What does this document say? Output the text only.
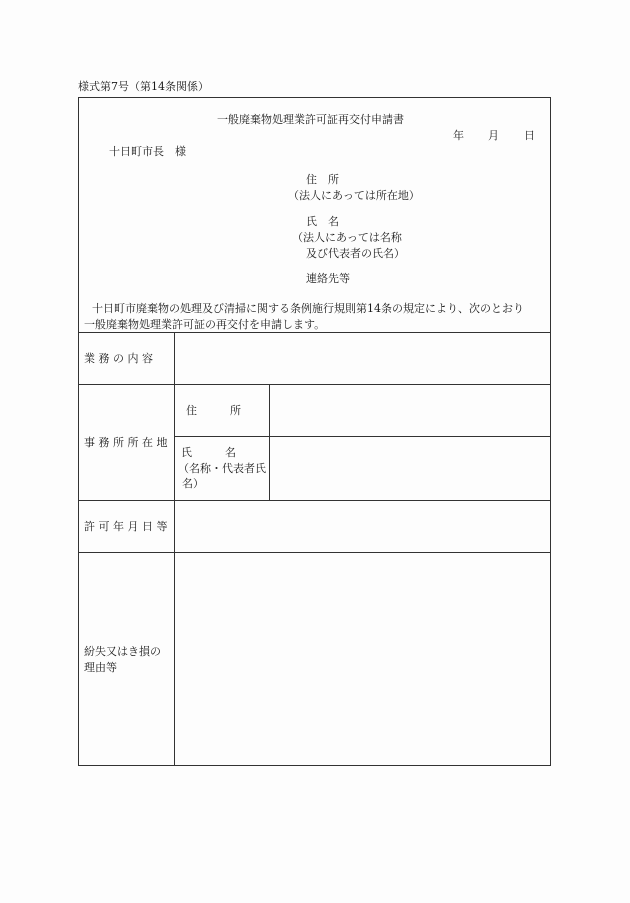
様式第7号（第14条関係）
一般廃棄物処理業許可証再交付申請書
年 月 日
十日町市長　様
住　所
（法人にあっては所在地）
氏　名
（法人にあっては名称
及び代表者の氏名）
連絡先等
十日町市廃棄物の処理及び清掃に関する条例施行規則第14条の規定により、次のとおり
一般廃棄物処理業許可証の再交付を申請します。
業 務 の 内 容
事 務 所 所 在 地
住　　　所
氏　　　名
（名称・代表者氏
名）
許 可 年 月 日 等
紛失又はき損の
理由等
